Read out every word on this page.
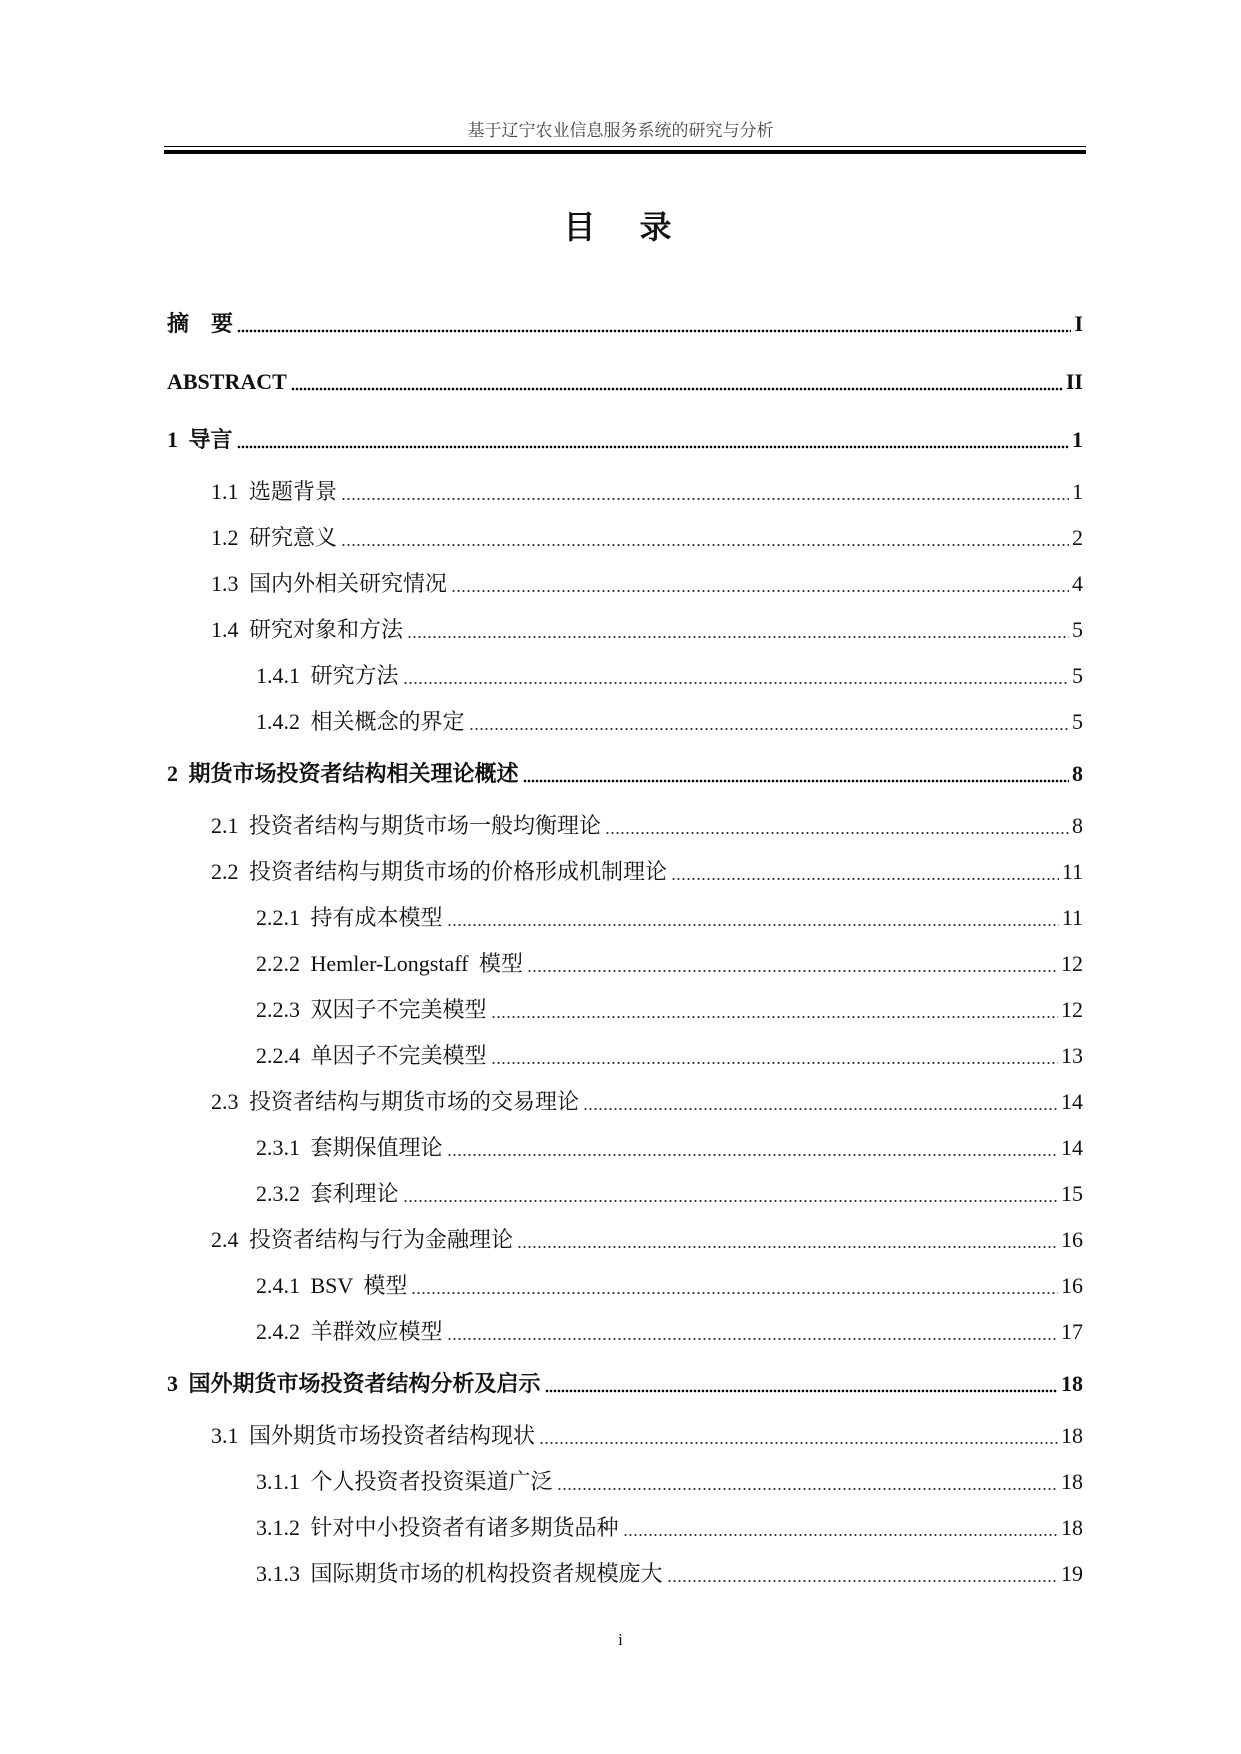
基于辽宁农业信息服务系统的研究与分析
目　录
摘　要	I
ABSTRACT	II
1 导言	1
1.1 选题背景	1
1.2 研究意义	2
1.3 国内外相关研究情况	4
1.4 研究对象和方法	5
1.4.1 研究方法	5
1.4.2 相关概念的界定	5
2 期货市场投资者结构相关理论概述	8
2.1 投资者结构与期货市场一般均衡理论	8
2.2 投资者结构与期货市场的价格形成机制理论	11
2.2.1 持有成本模型	11
2.2.2 Hemler-Longstaff 模型	12
2.2.3 双因子不完美模型	12
2.2.4 单因子不完美模型	13
2.3 投资者结构与期货市场的交易理论	14
2.3.1 套期保值理论	14
2.3.2 套利理论	15
2.4 投资者结构与行为金融理论	16
2.4.1 BSV 模型	16
2.4.2 羊群效应模型	17
3 国外期货市场投资者结构分析及启示	18
3.1 国外期货市场投资者结构现状	18
3.1.1 个人投资者投资渠道广泛	18
3.1.2 针对中小投资者有诸多期货品种	18
3.1.3 国际期货市场的机构投资者规模庞大	19
i
